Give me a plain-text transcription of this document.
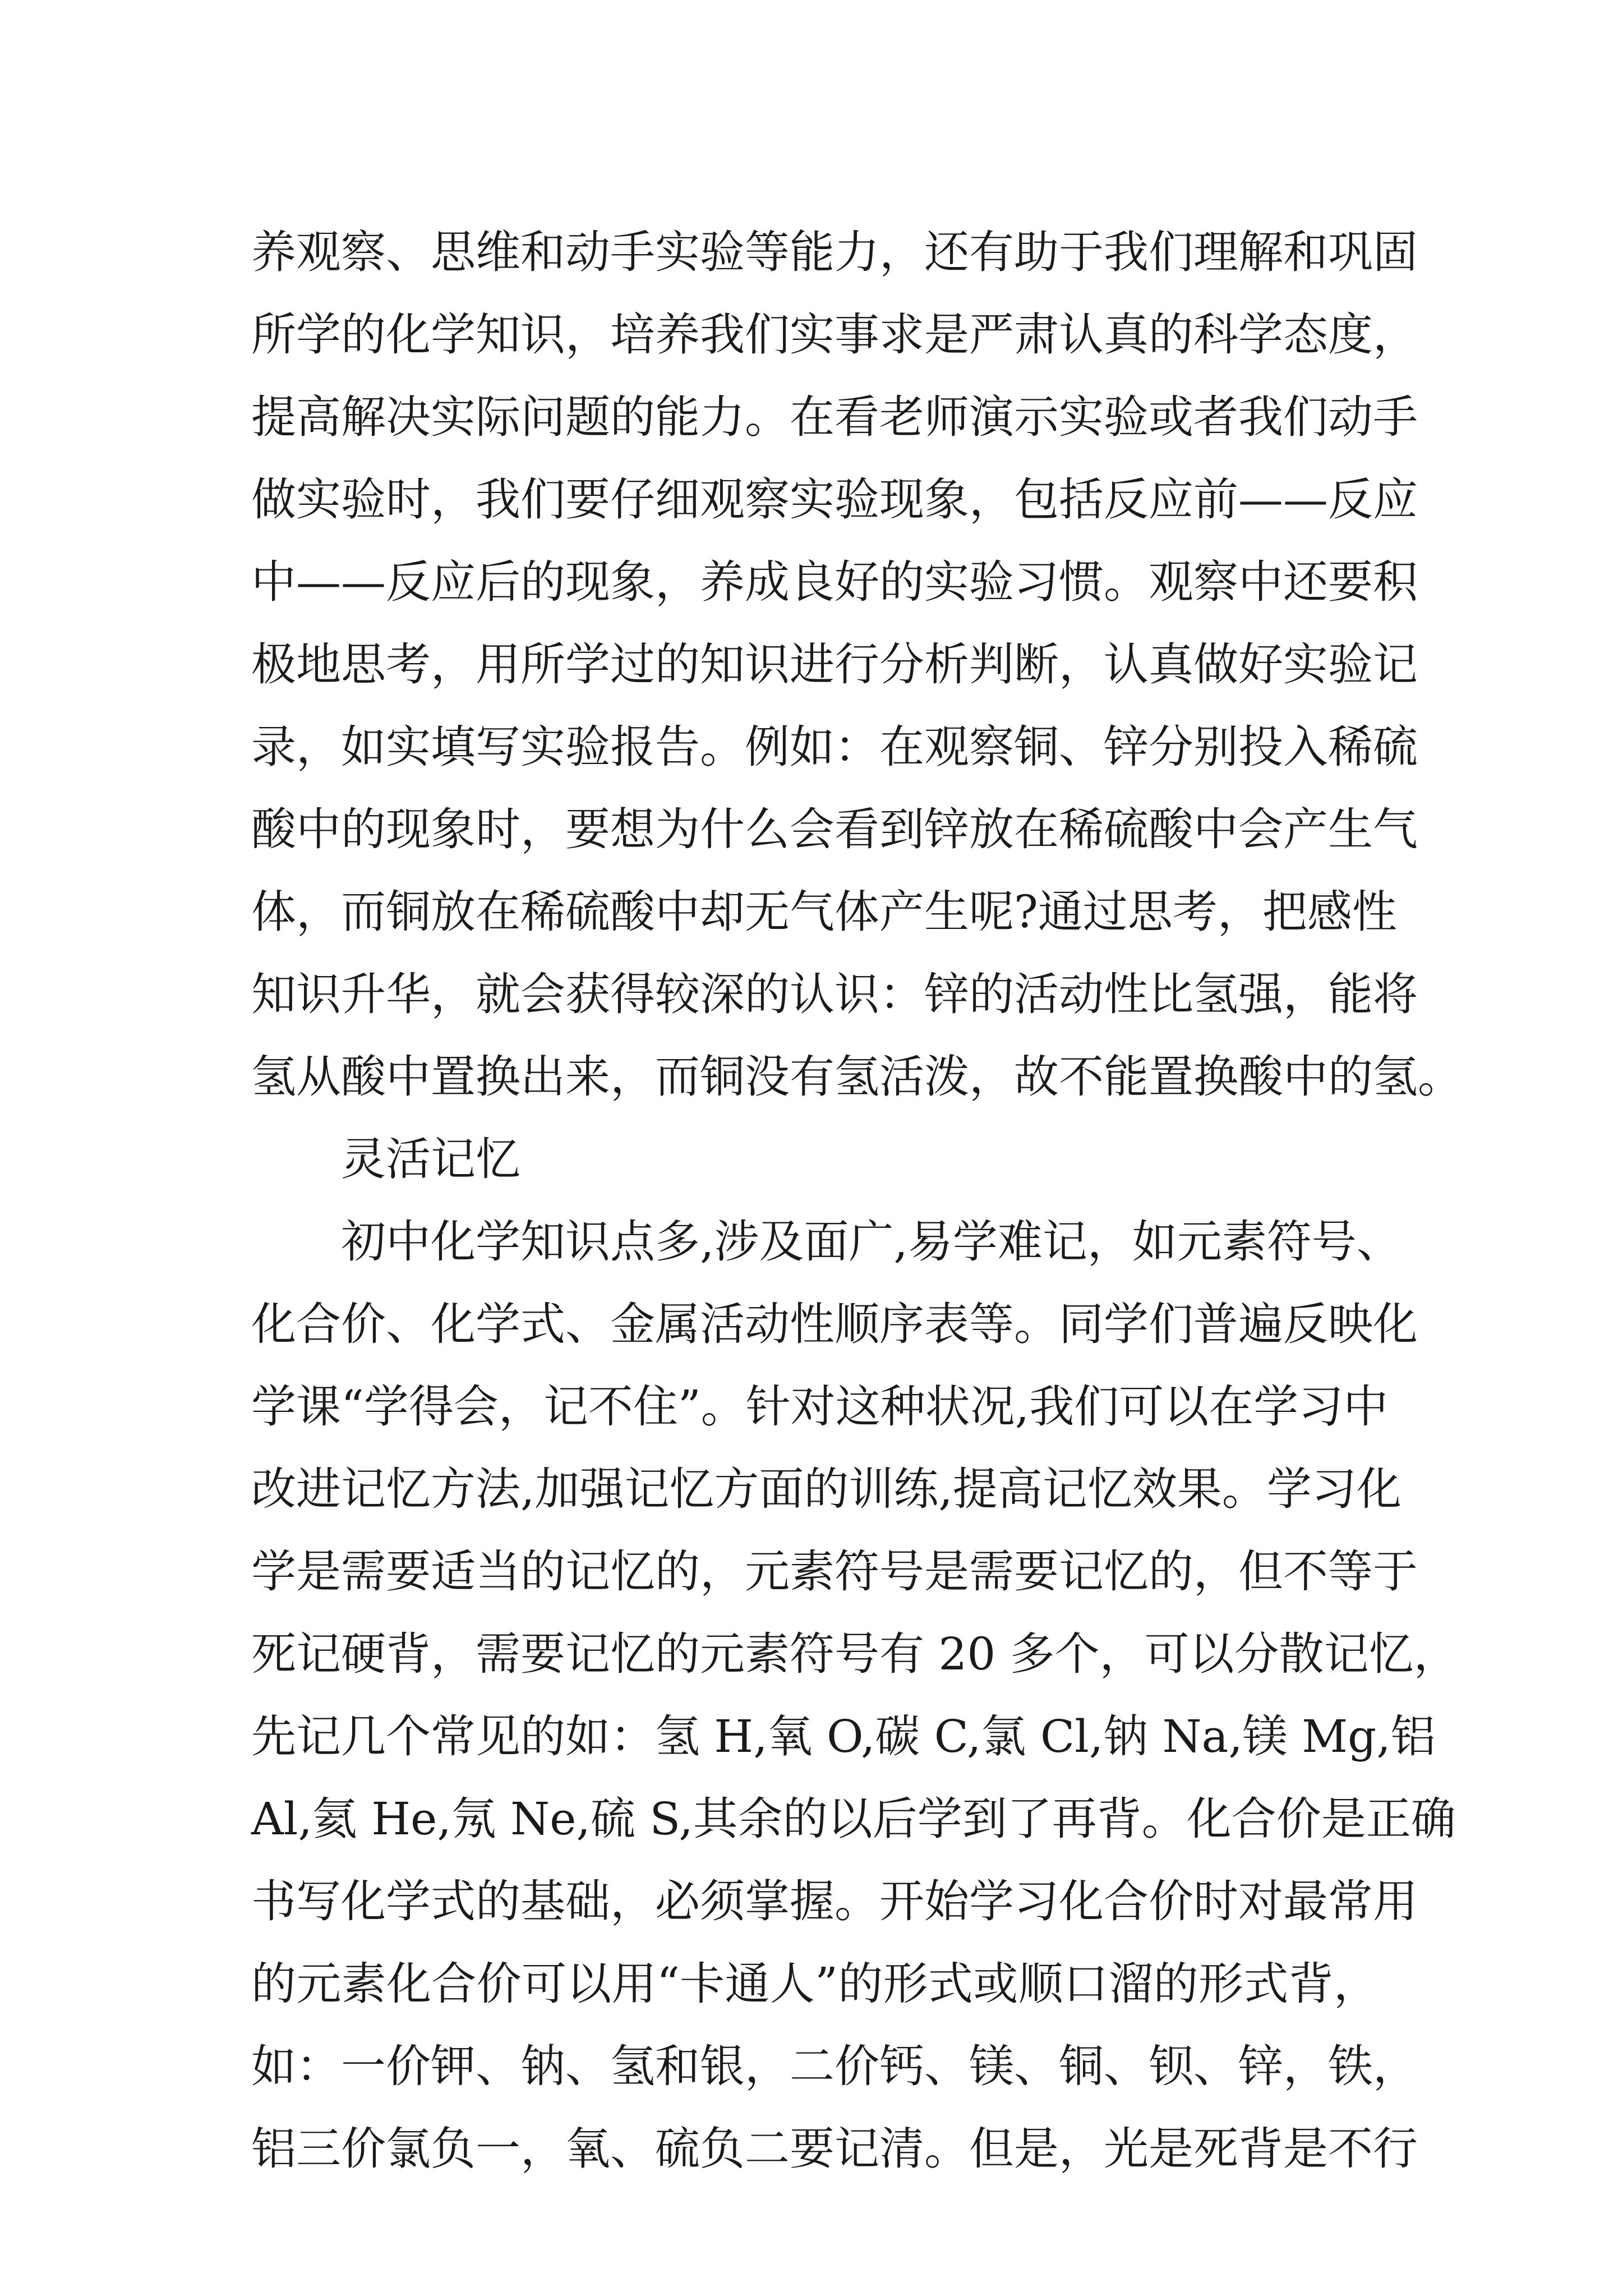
养观察、思维和动手实验等能力，还有助于我们理解和巩固
所学的化学知识，培养我们实事求是严肃认真的科学态度，
提高解决实际问题的能力。在看老师演示实验或者我们动手
做实验时，我们要仔细观察实验现象，包括反应前——反应
中——反应后的现象，养成良好的实验习惯。观察中还要积
极地思考，用所学过的知识进行分析判断，认真做好实验记
录，如实填写实验报告。例如：在观察铜、锌分别投入稀硫
酸中的现象时，要想为什么会看到锌放在稀硫酸中会产生气
体，而铜放在稀硫酸中却无气体产生呢?通过思考，把感性
知识升华，就会获得较深的认识：锌的活动性比氢强，能将
氢从酸中置换出来，而铜没有氢活泼，故不能置换酸中的氢。
灵活记忆
初中化学知识点多,涉及面广,易学难记，如元素符号、
化合价、化学式、金属活动性顺序表等。同学们普遍反映化
学课“学得会，记不住”。针对这种状况,我们可以在学习中
改进记忆方法,加强记忆方面的训练,提高记忆效果。学习化
学是需要适当的记忆的，元素符号是需要记忆的，但不等于
死记硬背，需要记忆的元素符号有 20 多个，可以分散记忆，
先记几个常见的如：氢 H,氧 O,碳 C,氯 Cl,钠 Na,镁 Mg,铝
Al,氦 He,氖 Ne,硫 S,其余的以后学到了再背。化合价是正确
书写化学式的基础，必须掌握。开始学习化合价时对最常用
的元素化合价可以用“卡通人”的形式或顺口溜的形式背，
如：一价钾、钠、氢和银，二价钙、镁、铜、钡、锌，铁，
铝三价氯负一，氧、硫负二要记清。但是，光是死背是不行
